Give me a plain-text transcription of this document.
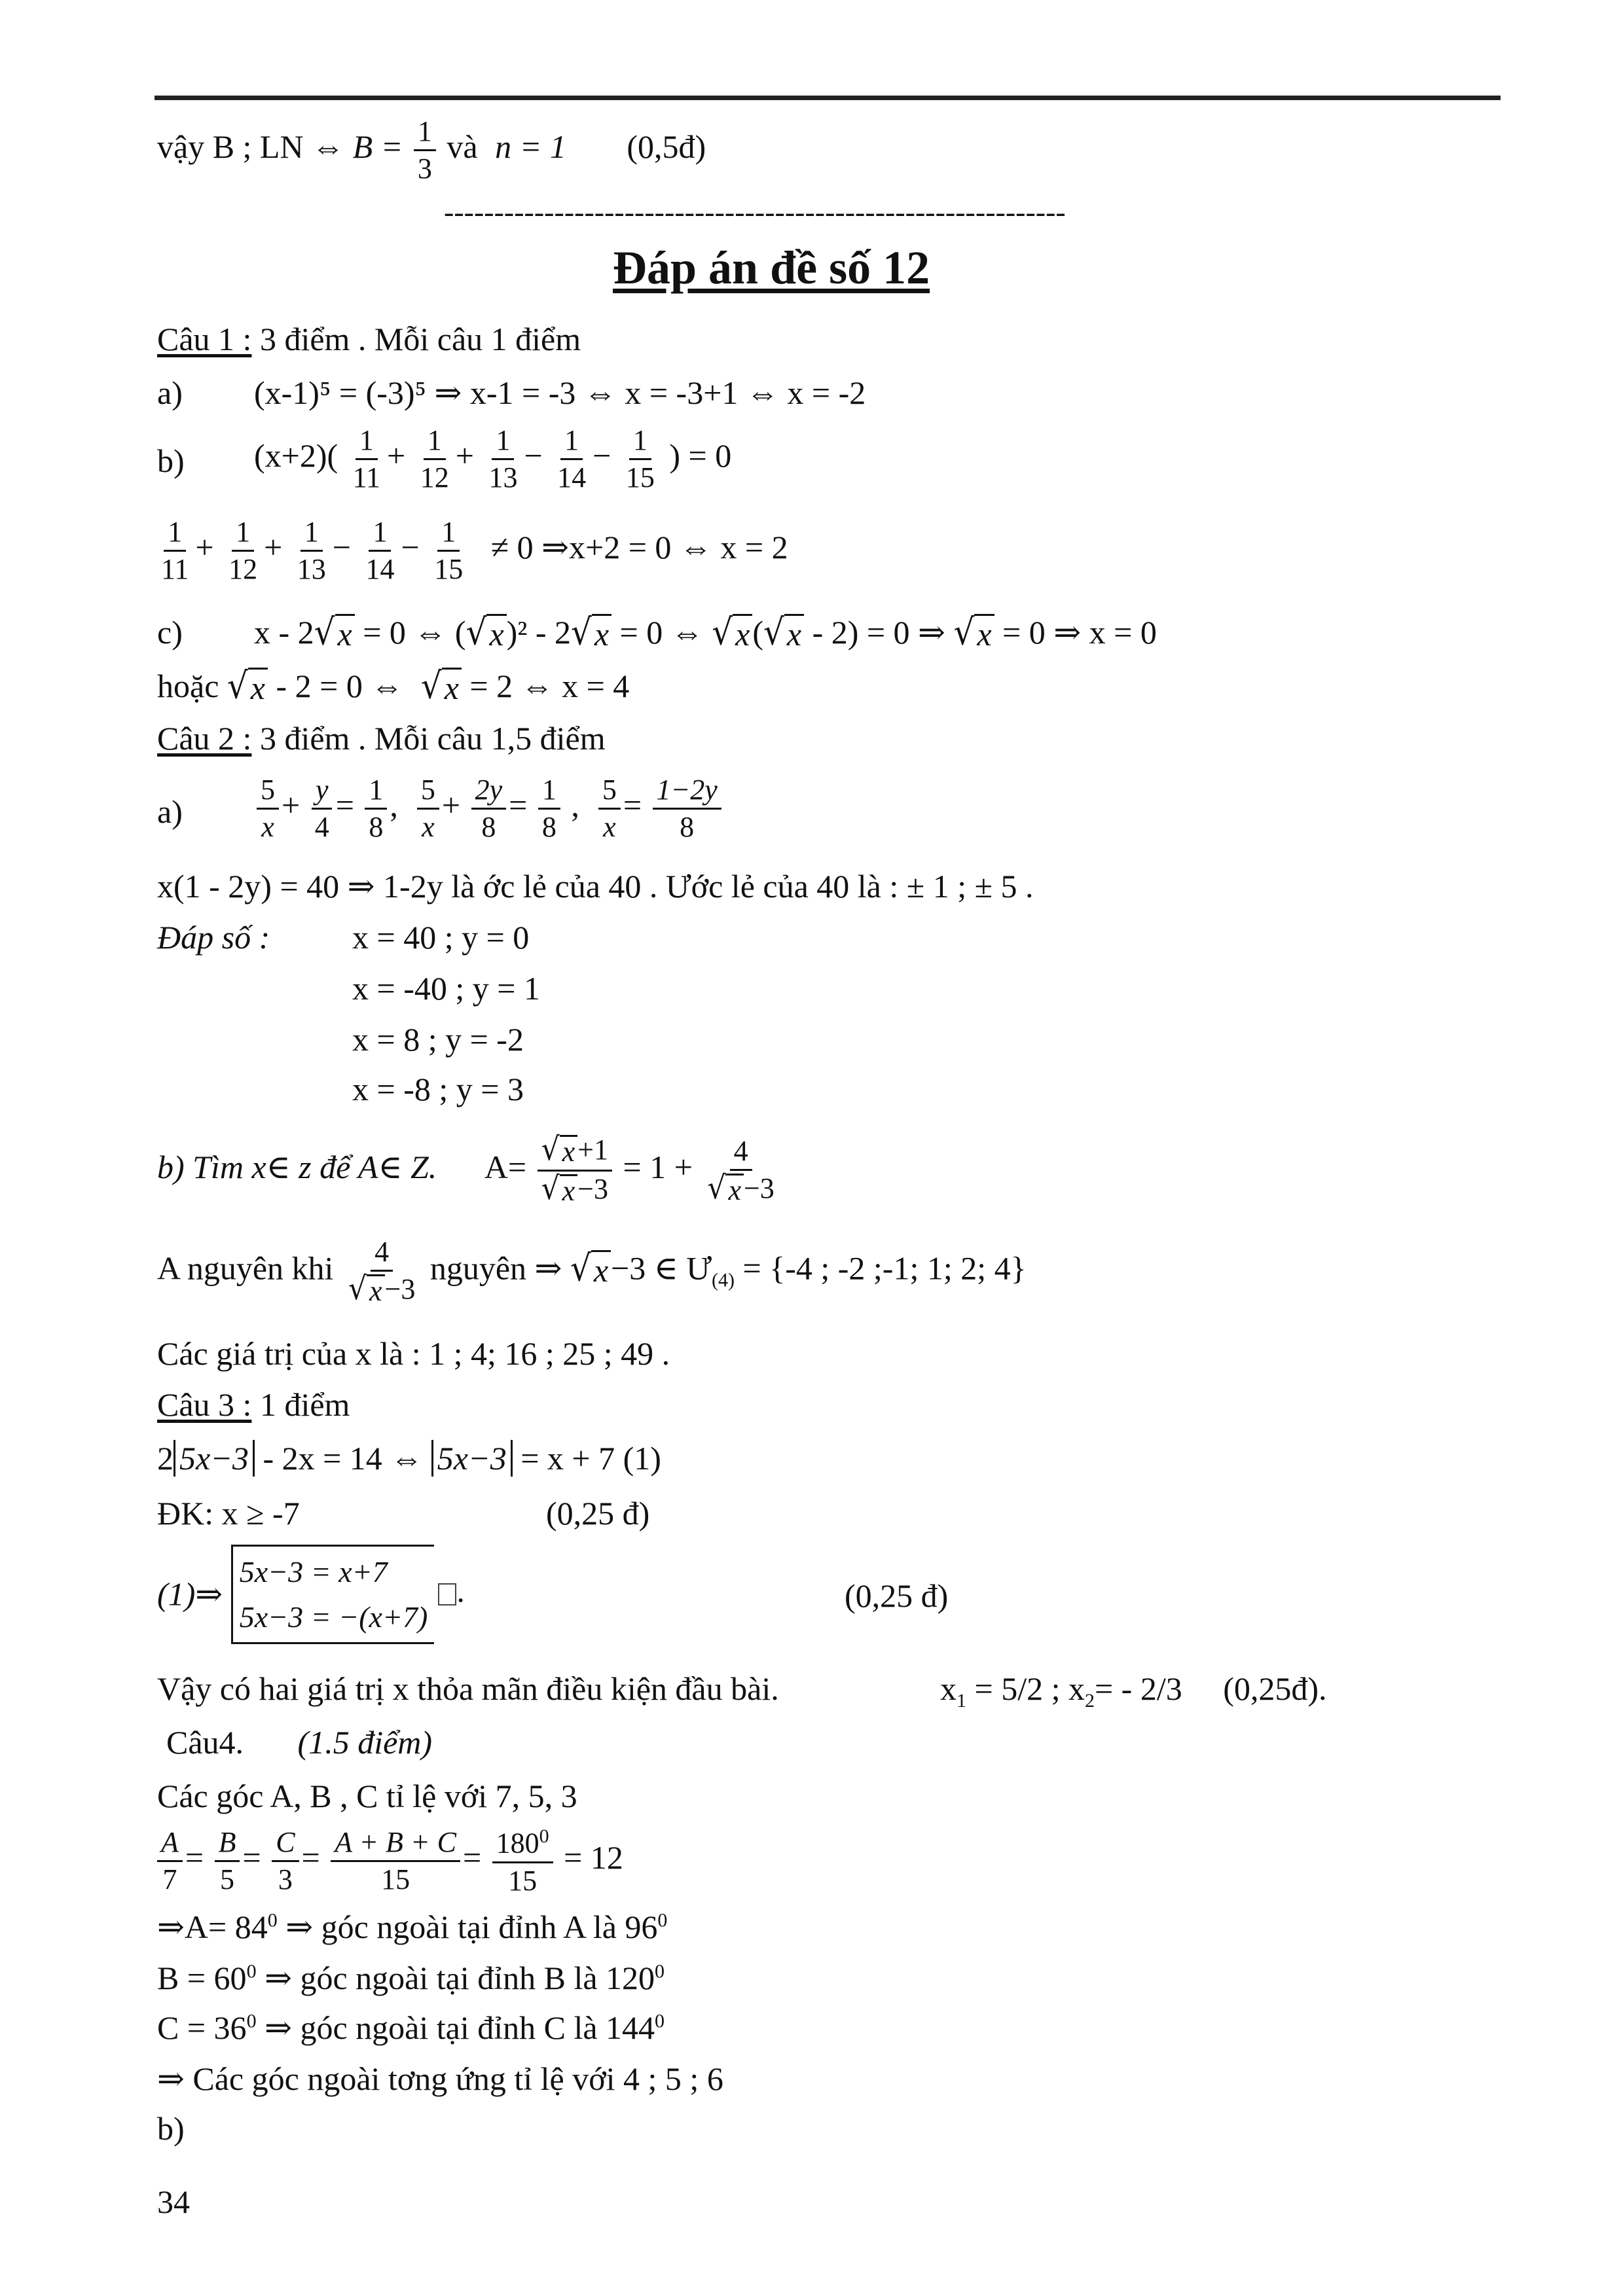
vậy B ; LN ⇔ $B = \frac{1}{3}$ và n = 1 (0,5đ)
--------------------------------------------------------------
Đáp án đề số 12
Câu 1 : 3 điểm . Mỗi câu 1 điểm
a) (x-1)⁵ = (-3)⁵ ⇒ x-1 = -3 ⇔ x = -3+1 ⇔ x = -2
b) $(x+2)( \frac{1}{11} + \frac{1}{12} + \frac{1}{13} - \frac{1}{14} - \frac{1}{15}$ ) = 0
$\frac{1}{11} + \frac{1}{12} + \frac{1}{13} - \frac{1}{14} - \frac{1}{15} \ne 0$ ⇒x+2 = 0 ⇔ x = 2
c) x - 2 √ x = 0 ⇔ ( √ x )² - 2 √ x = 0 ⇔ √ x ( √ x - 2) = 0 ⇒ √ x = 0 ⇒ x = 0
hoặc √ x - 2 = 0 ⇔ √ x = 2 ⇔ x = 4
Câu 2 : 3 điểm . Mỗi câu 1,5 điểm
a)	$\frac{5}{x} + \frac{y}{4} = \frac{1}{8}$ , $\frac{5}{x} + \frac{2y}{8} = \frac{1}{8}$ , $\frac{5}{x} = \frac{1-2y}{8}$
x(1 - 2y) = 40 ⇒ 1-2y là ớc lẻ của 40 . Ước lẻ của 40 là : ± 1 ; ± 5 .
Đáp số :	x = 40 ; y = 0
x = -40 ; y = 1
x = 8 ; y = -2
x = -8 ; y = 3
b) Tìm x∈ z để A∈ Z. $A= \frac{√ x +1}{√ x -3} = 1 + \frac{4}{√ x -3}$
A nguyên khi $\frac{4}{√ x -3}$ nguyên ⇒ √ x −3 ∈ $Ư_{(4)} = \{-4$ ; -2 ;-1; 1; 2; 4}
Các giá trị của x là : 1 ; 4; 16 ; 25 ; 49 .
Câu 3 : 1 điểm
2 5x−3 - 2x = 14 ⇔ 5x−3 = x + 7 (1)
ĐK: x ≥ -7	(0,25 đ)
(1)⇒ 5x−3 = x+7
5x−3 = −(x+7).	(0,25 đ)
Vậy có hai giá trị x thỏa mãn điều kiện đầu bài.	$x_1 = 5/2$ ; $x_2= - 2/3$ (0,25đ).
Câu4. (1.5 điểm)
Các góc A, B , C tỉ lệ với 7, 5, 3
$\frac{A}{7} = \frac{B}{5} = \frac{C}{3} = \frac{A + B + C}{15} = \frac{180^0}{15} = 12$
⇒A= $84^0$ ⇒ góc ngoài tại đỉnh A là $96^0$
$B = 60^0$ ⇒ góc ngoài tại đỉnh B là $120^0$
$C = 36^0$ ⇒ góc ngoài tại đỉnh C là $144^0$
⇒ Các góc ngoài tơng ứng tỉ lệ với 4 ; 5 ; 6
b)
34
